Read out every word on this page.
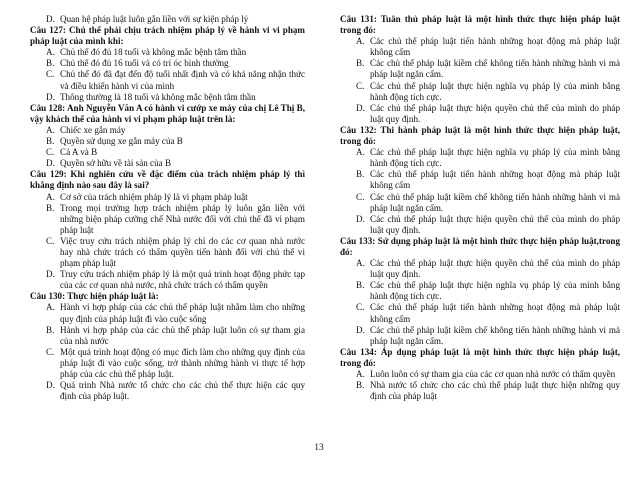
D. Quan hệ pháp luật luôn gắn liền với sự kiện pháp lý
Câu 127: Chủ thể phải chịu trách nhiệm pháp lý về hành vi vi phạm pháp luật của mình khi:
A. Chủ thể đó đủ 18 tuổi và không mắc bệnh tâm thần
B. Chủ thể đó đủ 16 tuổi và có trí óc bình thường
C. Chủ thể đó đã đạt đến độ tuổi nhất định và có khả năng nhận thức và điều khiển hành vi của mình
D. Thông thường là 18 tuổi và không mắc bệnh tâm thần
Câu 128: Anh Nguyễn Văn A có hành vi cướp xe máy của chị Lê Thị B, vậy khách thể của hành vi vi phạm pháp luật trên là:
A. Chiếc xe gắn máy
B. Quyền sử dụng xe gắn máy của B
C. Cả A và B
D. Quyền sở hữu về tài sản của B
Câu 129: Khi nghiên cứu về đặc điểm của trách nhiệm pháp lý thì khẳng định nào sau đây là sai?
A. Cơ sở của trách nhiệm pháp lý là vi phạm pháp luật
B. Trong mọi trường hợp trách nhiệm pháp lý luôn gắn liền với những biện pháp cưỡng chế Nhà nước đối với chủ thể đã vi phạm pháp luật
C. Việc truy cứu trách nhiệm pháp lý chỉ do các cơ quan nhà nước hay nhà chức trách có thẩm quyền tiến hành đối với chủ thể vi phạm pháp luật
D. Truy cứu trách nhiệm pháp lý là một quá trình hoạt động phức tạp của các cơ quan nhà nước, nhà chức trách có thẩm quyền
Câu 130: Thực hiện pháp luật là:
A. Hành vi hợp pháp của các chủ thể pháp luật nhằm làm cho những quy định của pháp luật đi vào cuộc sống
B. Hành vi hợp pháp của các chủ thể pháp luật luôn có sự tham gia của nhà nước
C. Một quá trình hoạt động có mục đích làm cho những quy định của pháp luật đi vào cuộc sống, trở thành những hành vi thực tế hợp pháp của các chủ thể pháp luật.
D. Quá trình Nhà nước tổ chức cho các chủ thể thực hiện các quy định của pháp luật.
Câu 131: Tuân thủ pháp luật là một hình thức thực hiện pháp luật trong đó:
A. Các chủ thể pháp luật tiến hành những hoạt động mà pháp luật không cấm
B. Các chủ thể pháp luật kiềm chế không tiến hành những hành vi mà pháp luật ngăn cấm.
C. Các chủ thể pháp luật thực hiện nghĩa vụ pháp lý của mình bằng hành động tích cực.
D. Các chủ thể pháp luật thực hiện quyền chủ thể của mình do pháp luật quy định.
Câu 132: Thi hành pháp luật là một hình thức thực hiện pháp luật, trong đó:
A. Các chủ thể pháp luật thực hiện nghĩa vụ pháp lý của mình bằng hành động tích cực.
B. Các chủ thể pháp luật tiến hành những hoạt động mà pháp luật không cấm
C. Các chủ thể pháp luật kiềm chế không tiến hành những hành vi mà pháp luật ngăn cấm.
D. Các chủ thể pháp luật thực hiện quyền chủ thể của mình do pháp luật quy định.
Câu 133: Sử dụng pháp luật là một hình thức thực hiện pháp luật,trong đó:
A. Các chủ thể pháp luật thực hiện quyền chủ thể của mình do pháp luật quy định.
B. Các chủ thể pháp luật thực hiện nghĩa vụ pháp lý của mình bằng hành động tích cực.
C. Các chủ thể pháp luật tiến hành những hoạt động mà pháp luật không cấm
D. Các chủ thể pháp luật kiềm chế không tiến hành những hành vi mà pháp luật ngăn cấm.
Câu 134: Áp dụng pháp luật là một hình thức thực hiện pháp luật, trong đó:
A. Luôn luôn có sự tham gia của các cơ quan nhà nước có thẩm quyền
B. Nhà nước tổ chức cho các chủ thể pháp luật thực hiện những quy định của pháp luật
13
